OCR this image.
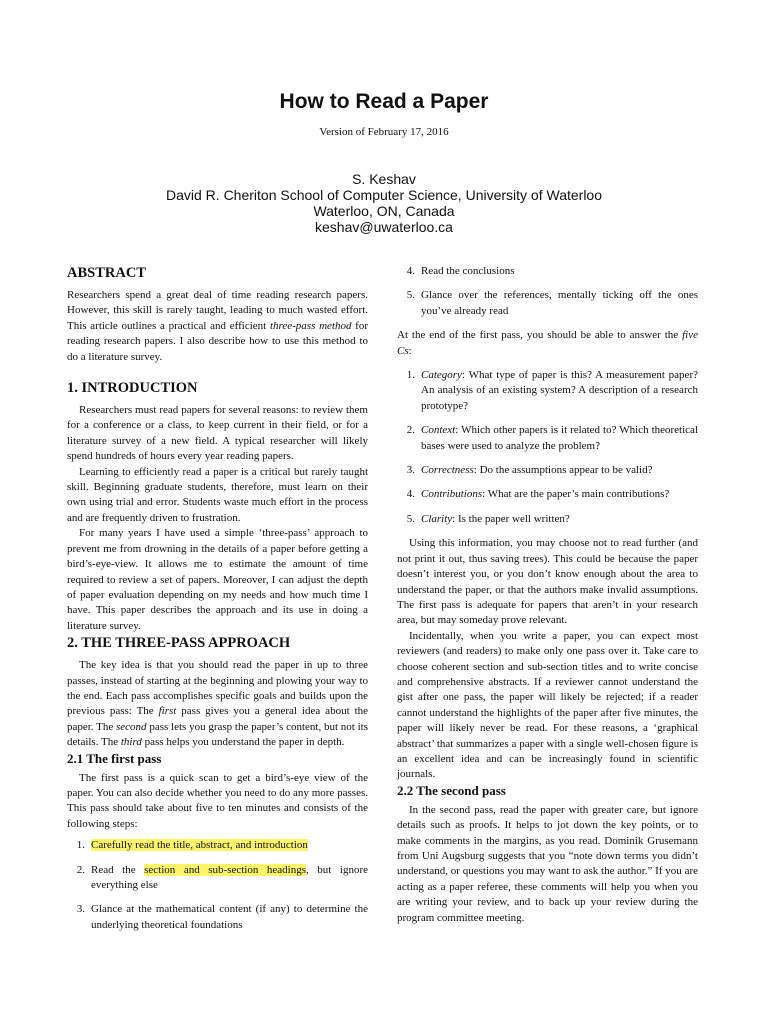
How to Read a Paper
Version of February 17, 2016
S. Keshav
David R. Cheriton School of Computer Science, University of Waterloo
Waterloo, ON, Canada
keshav@uwaterloo.ca
ABSTRACT

Researchers spend a great deal of time reading research papers. However, this skill is rarely taught, leading to much wasted effort. This article outlines a practical and efficient three-pass method for reading research papers. I also describe how to use this method to do a literature survey.

1. INTRODUCTION

Researchers must read papers for several reasons: to review them for a conference or a class, to keep current in their field, or for a literature survey of a new field. A typical researcher will likely spend hundreds of hours every year reading papers.

Learning to efficiently read a paper is a critical but rarely taught skill. Beginning graduate students, therefore, must learn on their own using trial and error. Students waste much effort in the process and are frequently driven to frustration.

For many years I have used a simple ‘three-pass’ approach to prevent me from drowning in the details of a paper before getting a bird’s-eye-view. It allows me to estimate the amount of time required to review a set of papers. Moreover, I can adjust the depth of paper evaluation depending on my needs and how much time I have. This paper describes the approach and its use in doing a literature survey.

2. THE THREE-PASS APPROACH

The key idea is that you should read the paper in up to three passes, instead of starting at the beginning and plowing your way to the end. Each pass accomplishes specific goals and builds upon the previous pass: The first pass gives you a general idea about the paper. The second pass lets you grasp the paper’s content, but not its details. The third pass helps you understand the paper in depth.

2.1 The first pass

The first pass is a quick scan to get a bird’s-eye view of the paper. You can also decide whether you need to do any more passes. This pass should take about five to ten minutes and consists of the following steps:

1. Carefully read the title, abstract, and introduction
2. Read the section and sub-section headings, but ignore everything else
3. Glance at the mathematical content (if any) to determine the underlying theoretical foundations
4. Read the conclusions
5. Glance over the references, mentally ticking off the ones you’ve already read

At the end of the first pass, you should be able to answer the five Cs:

1. Category: What type of paper is this? A measurement paper? An analysis of an existing system? A description of a research prototype?
2. Context: Which other papers is it related to? Which theoretical bases were used to analyze the problem?
3. Correctness: Do the assumptions appear to be valid?
4. Contributions: What are the paper’s main contributions?
5. Clarity: Is the paper well written?

Using this information, you may choose not to read further (and not print it out, thus saving trees). This could be because the paper doesn’t interest you, or you don’t know enough about the area to understand the paper, or that the authors make invalid assumptions. The first pass is adequate for papers that aren’t in your research area, but may someday prove relevant.

Incidentally, when you write a paper, you can expect most reviewers (and readers) to make only one pass over it. Take care to choose coherent section and sub-section titles and to write concise and comprehensive abstracts. If a reviewer cannot understand the gist after one pass, the paper will likely be rejected; if a reader cannot understand the highlights of the paper after five minutes, the paper will likely never be read. For these reasons, a ‘graphical abstract’ that summarizes a paper with a single well-chosen figure is an excellent idea and can be increasingly found in scientific journals.

2.2 The second pass

In the second pass, read the paper with greater care, but ignore details such as proofs. It helps to jot down the key points, or to make comments in the margins, as you read. Dominik Grusemann from Uni Augsburg suggests that you “note down terms you didn’t understand, or questions you may want to ask the author.” If you are acting as a paper referee, these comments will help you when you are writing your review, and to back up your review during the program committee meeting.
